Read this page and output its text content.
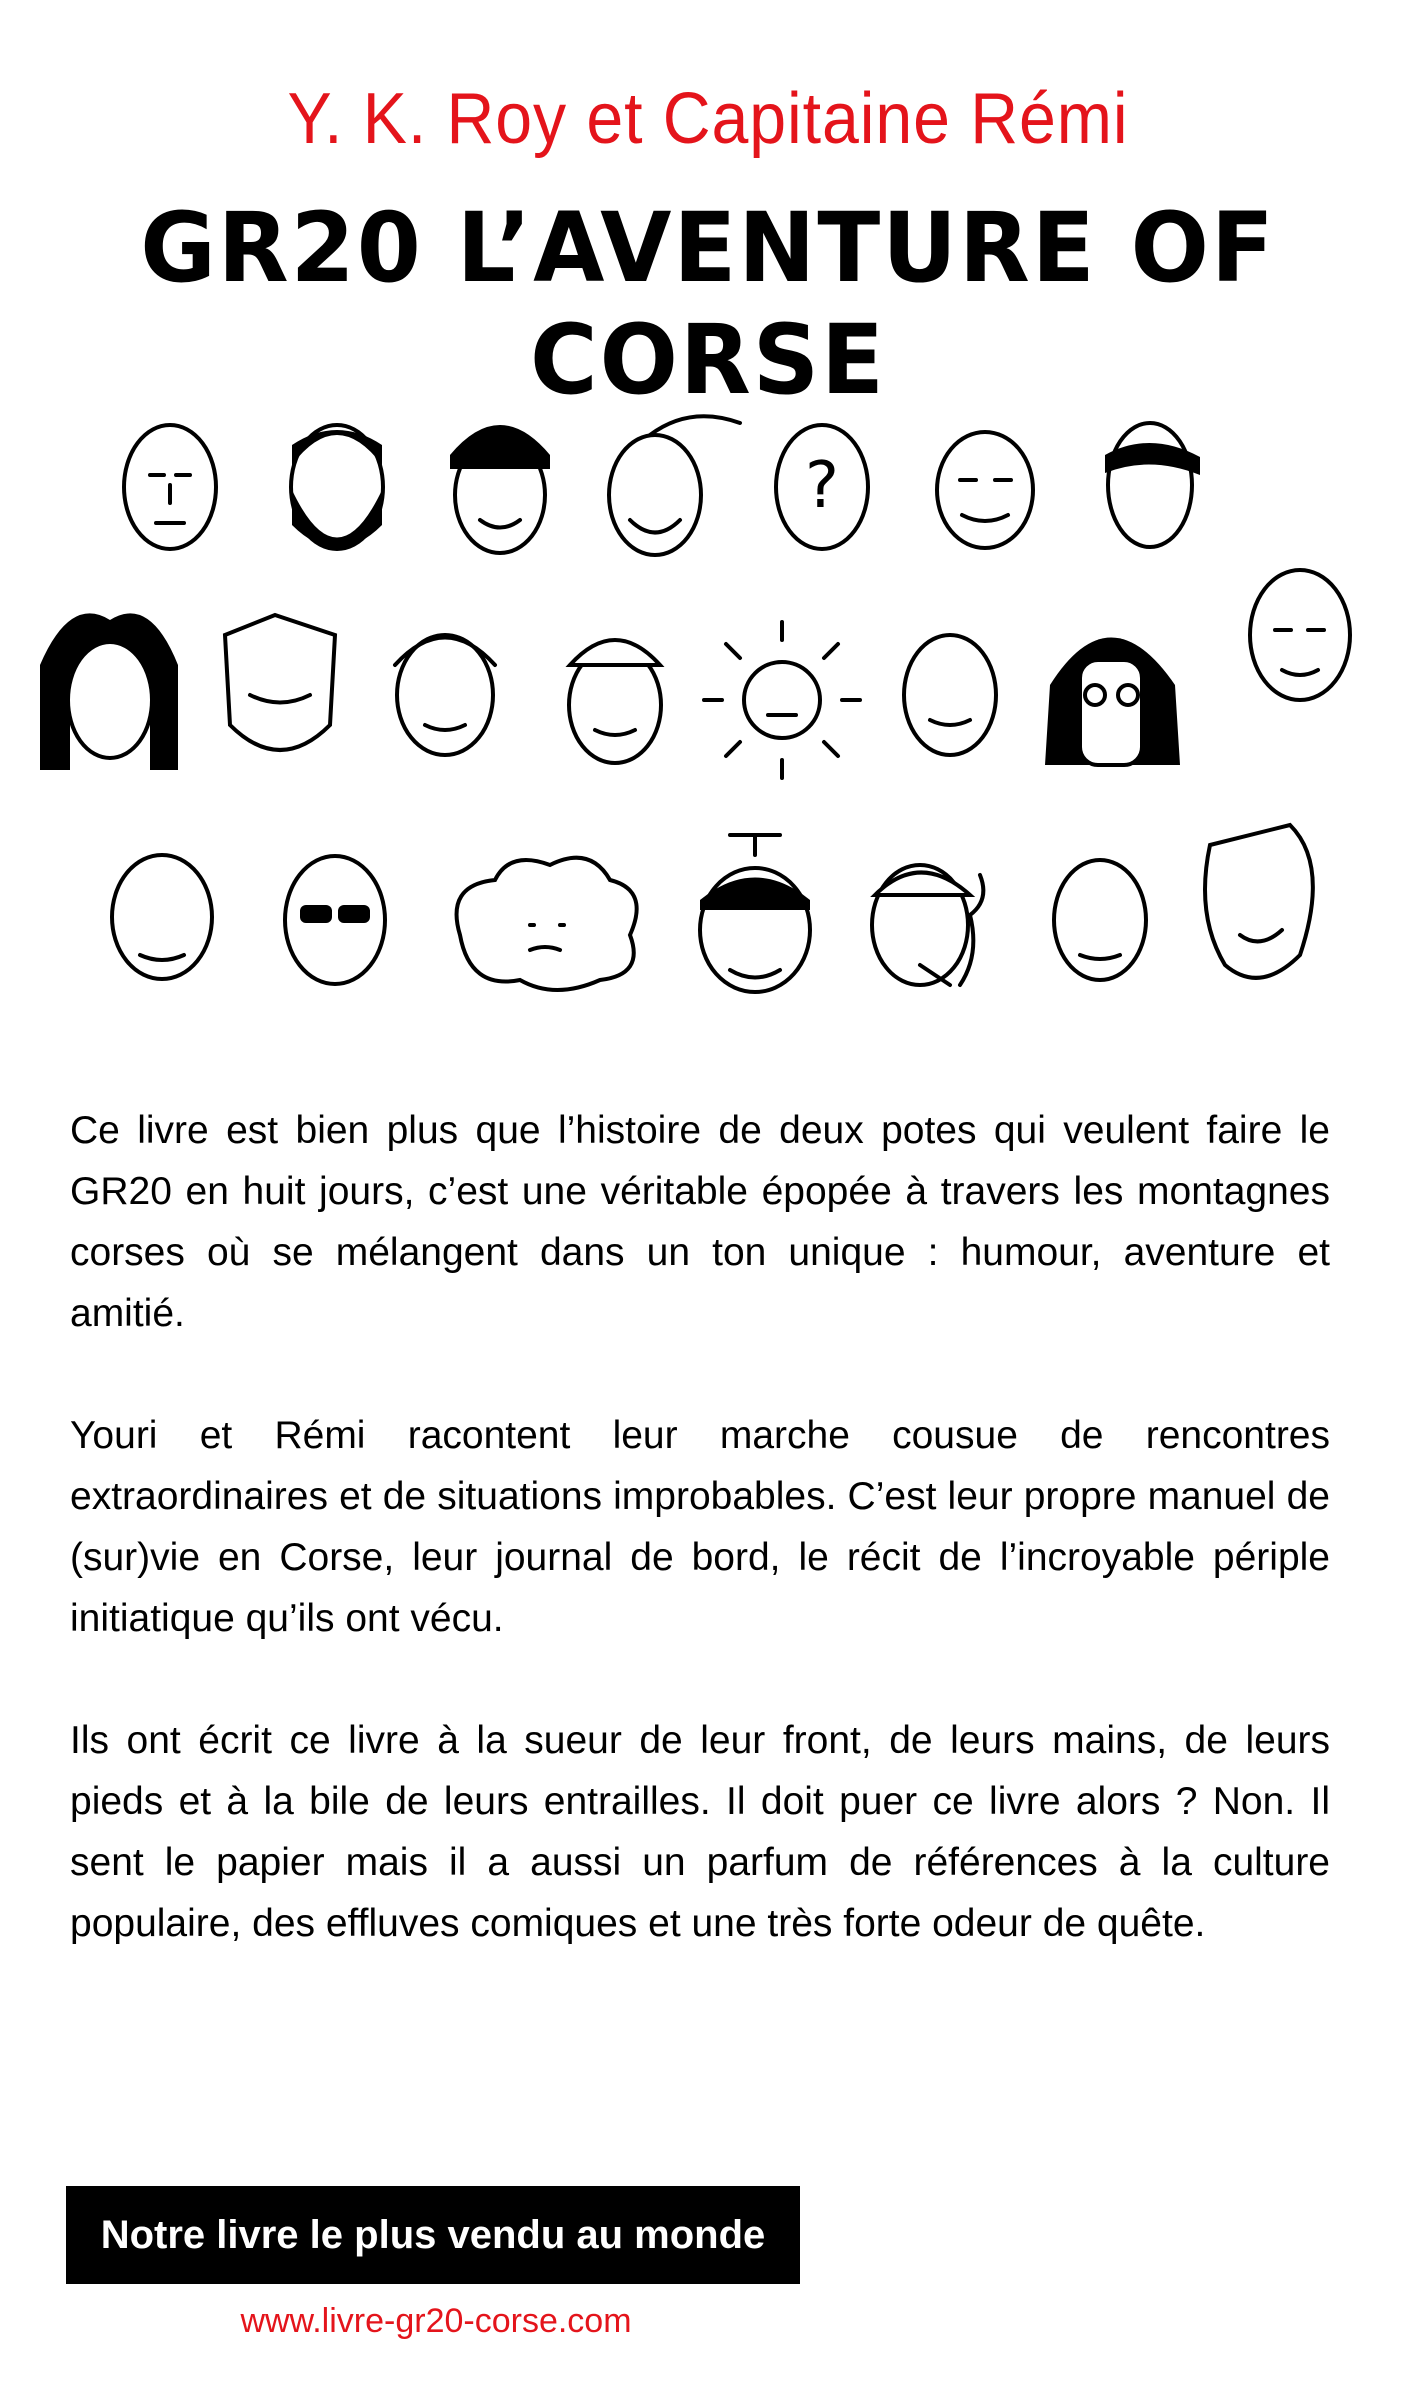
Y. K. Roy et Capitaine Rémi
GR20 L’AVENTURE OF CORSE
?

Ce livre est bien plus que l’histoire de deux potes qui veulent faire le GR20 en huit jours, c’est une véritable épopée à travers les montagnes corses où se mélangent dans un ton unique : humour, aventure et amitié.

Youri et Rémi racontent leur marche cousue de rencontres extraordinaires et de situations improbables. C’est leur propre manuel de (sur)vie en Corse, leur journal de bord, le récit de l’incroyable périple initiatique qu’ils ont vécu.

Ils ont écrit ce livre à la sueur de leur front, de leurs mains, de leurs pieds et à la bile de leurs entrailles. Il doit puer ce livre alors ? Non. Il sent le papier mais il a aussi un parfum de références à la culture populaire, des effluves comiques et une très forte odeur de quête.

Notre livre le plus vendu au monde
www.livre-gr20-corse.com
